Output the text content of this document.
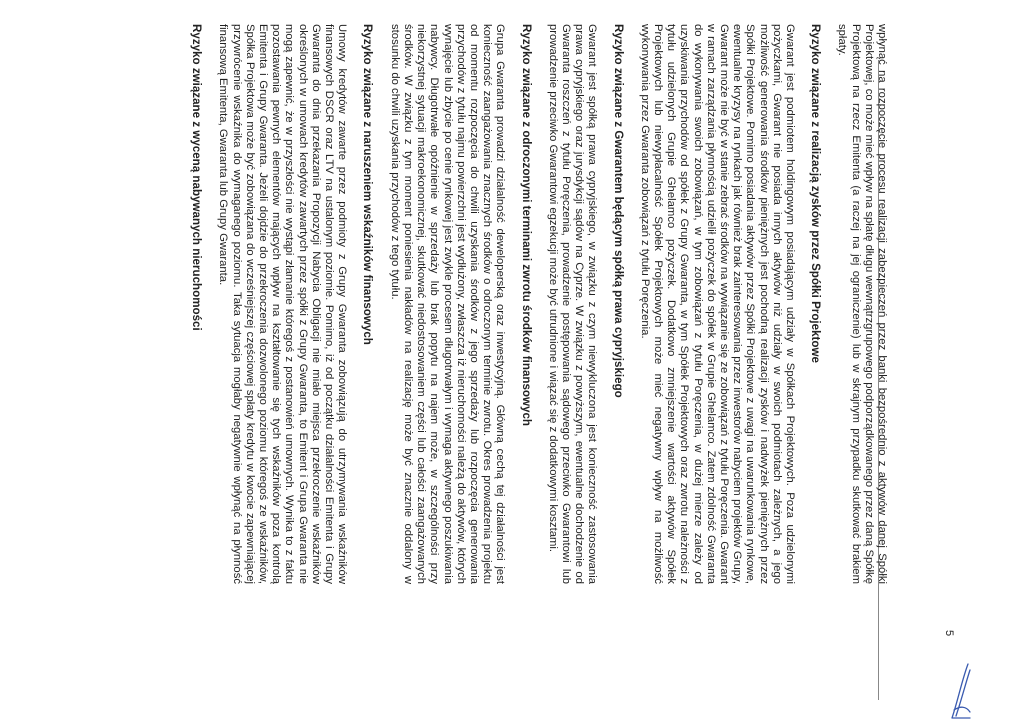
wpłynąć na rozpoczęcie procesu realizacji zabezpieczeń przez banki bezpośrednio z aktywów danej Spółki Projektowej, co może mieć wpływ na spłatę długu wewnątrzgrupowego podporządkowanego przez daną Spółkę Projektową na rzecz Emitenta (a raczej na jej ograniczenie) lub w skrajnym przypadku skutkować brakiem spłaty.

Ryzyko związane z realizacją zysków przez Spółki Projektowe

Gwarant jest podmiotem holdingowym posiadającym udziały w Spółkach Projektowych. Poza udzielonymi pożyczkami, Gwarant nie posiada innych aktywów niż udziały w swoich podmiotach zależnych, a jego możliwość generowania środków pieniężnych jest pochodną realizacji zysków i nadwyżek pieniężnych przez Spółki Projektowe. Pomimo posiadania aktywów przez Spółki Projektowe z uwagi na uwarunkowania rynkowe, ewentualne kryzysy na rynkach jak również brak zainteresowania przez inwestorów nabyciem projektów Grupy, Gwarant może nie być w stanie zebrać środków na wywiązanie się ze zobowiązań z tytułu Poręczenia. Gwarant w ramach zarządzania płynnością udzielił pożyczek do spółek w Grupie Ghelamco. Zatem zdolność Gwaranta do wykonywania swoich zobowiązań, w tym zobowiązań z tytułu Poręczenia, w dużej mierze zależy od uzyskiwania przychodów od spółek z Grupy Gwaranta, w tym Spółek Projektowych oraz zwrotu należności z tytułu udzielonych Grupie Ghelamco pożyczek. Dodatkowo zmniejszenie wartości aktywów Spółek Projektowych lub niewypłacalność Spółek Projektowych może mieć negatywny wpływ na możliwość wykonywania przez Gwaranta zobowiązań z tytułu Poręczenia.

Ryzyko związane z Gwarantem będącym spółką prawa cypryjskiego

Gwarant jest spółką prawa cypryjskiego, w związku z czym niewykluczona jest konieczność zastosowania prawa cypryjskiego oraz jurysdykcji sądów na Cyprze. W związku z powyższym, ewentualne dochodzenie od Gwaranta roszczeń z tytułu Poręczenia, prowadzenie postępowania sądowego przeciwko Gwarantowi lub prowadzenie przeciwko Gwarantowi egzekucji może być utrudnione i wiązać się z dodatkowymi kosztami.

Ryzyko związane z odroczonymi terminami zwrotu środków finansowych

Grupa Gwaranta prowadzi działalność deweloperską oraz inwestycyjną. Główną cechą tej działalności jest konieczność zaangażowania znacznych środków o odroczonym terminie zwrotu. Okres prowadzenia projektu od momentu rozpoczęcia do chwili uzyskania środków z jego sprzedaży lub rozpoczęcia generowania przychodów z tytułu najmu powierzchni jest wydłużony, zwłaszcza iż nieruchomości należą do aktywów, których wynajęcie lub zbycie po cenie rynkowej jest zwykle procesem długotrwałym i wymaga aktywnego poszukiwania nabywcy. Długotrwałe opóźnienie w sprzedaży lub brak popytu na najem może, w szczególności przy niekorzystnej sytuacji makroekonomicznej, skutkować niedostosowaniem części lub całości zaangażowanych środków. W związku z tym moment poniesienia nakładów na realizację może być znacznie oddalony w stosunku do chwili uzyskania przychodów z tego tytułu.

Ryzyko związane z naruszeniem wskaźników finansowych

Umowy kredytów zawarte przez podmioty z Grupy Gwaranta zobowiązują do utrzymywania wskaźników finansowych DSCR oraz LTV na ustalonym poziomie. Pomimo, iż od początku działalności Emitenta i Grupy Gwaranta do dnia przekazania Propozycji Nabycia Obligacji nie miało miejsca przekroczenie wskaźników określonych w umowach kredytów zawartych przez spółki z Grupy Gwaranta, to Emitent i Grupa Gwaranta nie mogą zapewnić, że w przyszłości nie wystąpi złamanie któregoś z postanowień umownych. Wynika to z faktu pozostawania pewnych elementów mających wpływ na kształtowanie się tych wskaźników poza kontrolą Emitenta i Grupy Gwaranta. Jeżeli dojdzie do przekroczenia dozwolonego poziomu któregoś ze wskaźników, Spółka Projektowa może być zobowiązana do wcześniejszej częściowej spłaty kredytu w kwocie zapewniającej przywrócenie wskaźnika do wymaganego poziomu. Taka sytuacja mogłaby negatywnie wpłynąć na płynność finansową Emitenta, Gwaranta lub Grupy Gwaranta.

Ryzyko związane z wyceną nabywanych nieruchomości

5
